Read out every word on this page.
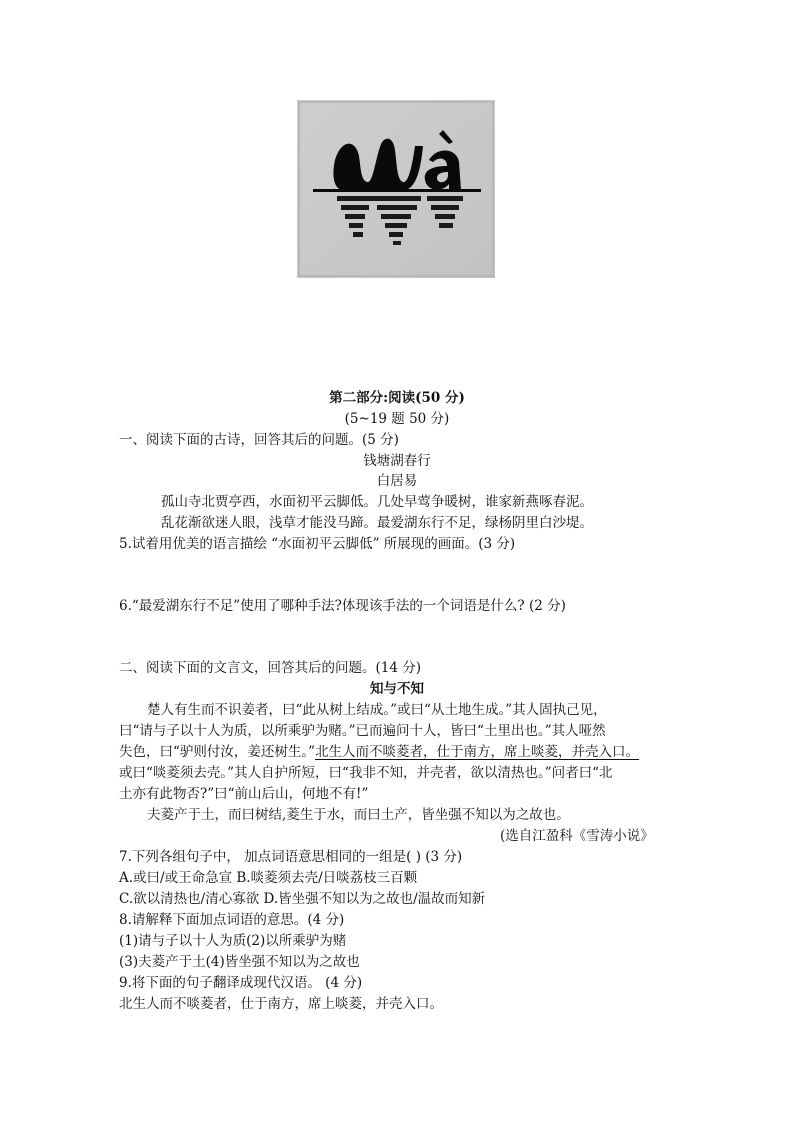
第二部分:阅读(50 分)
(5~19 题 50 分)
一、阅读下面的古诗，回答其后的问题。(5 分)
钱塘湖春行
白居易
孤山寺北贾亭西，水面初平云脚低。几处早莺争暖树，谁家新燕啄春泥。
乱花渐欲迷人眼，浅草才能没马蹄。最爱湖东行不足，绿杨阴里白沙堤。
5.试着用优美的语言描绘 “水面初平云脚低” 所展现的画面。(3 分)
6.“最爱湖东行不足”使用了哪种手法?体现该手法的一个词语是什么? (2 分)
二、阅读下面的文言文，回答其后的问题。(14 分)
知与不知
楚人有生而不识姜者，曰“此从树上结成。”或曰“从土地生成。”其人固执己见，
曰“请与子以十人为质，以所乘驴为赌。”已而遍问十人，皆曰“土里出也。”其人哑然
失色，曰“驴则付汝，姜还树生。”北生人而不啖菱者，仕于南方，席上啖菱，并壳入口。
或曰“啖菱须去壳。”其人自护所短，曰“我非不知，并壳者，欲以清热也。”问者曰“北
土亦有此物否?”曰“前山后山，何地不有!”
夫菱产于土，而曰树结,菱生于水，而曰土产，皆坐强不知以为之故也。
(选自江盈科《雪涛小说》
7.下列各组句子中， 加点词语意思相同的一组是( ) (3 分)
A.或曰/或王命急宣 B.啖菱须去壳/日啖荔枝三百颗
C.欲以清热也/清心寡欲 D.皆坐强不知以为之故也/温故而知新
8.请解释下面加点词语的意思。(4 分)
(1)请与子以十人为质(2)以所乘驴为赌
(3)夫菱产于土(4)皆坐强不知以为之故也
9.将下面的句子翻译成现代汉语。 (4 分)
北生人而不啖菱者，仕于南方，席上啖菱，并壳入口。
